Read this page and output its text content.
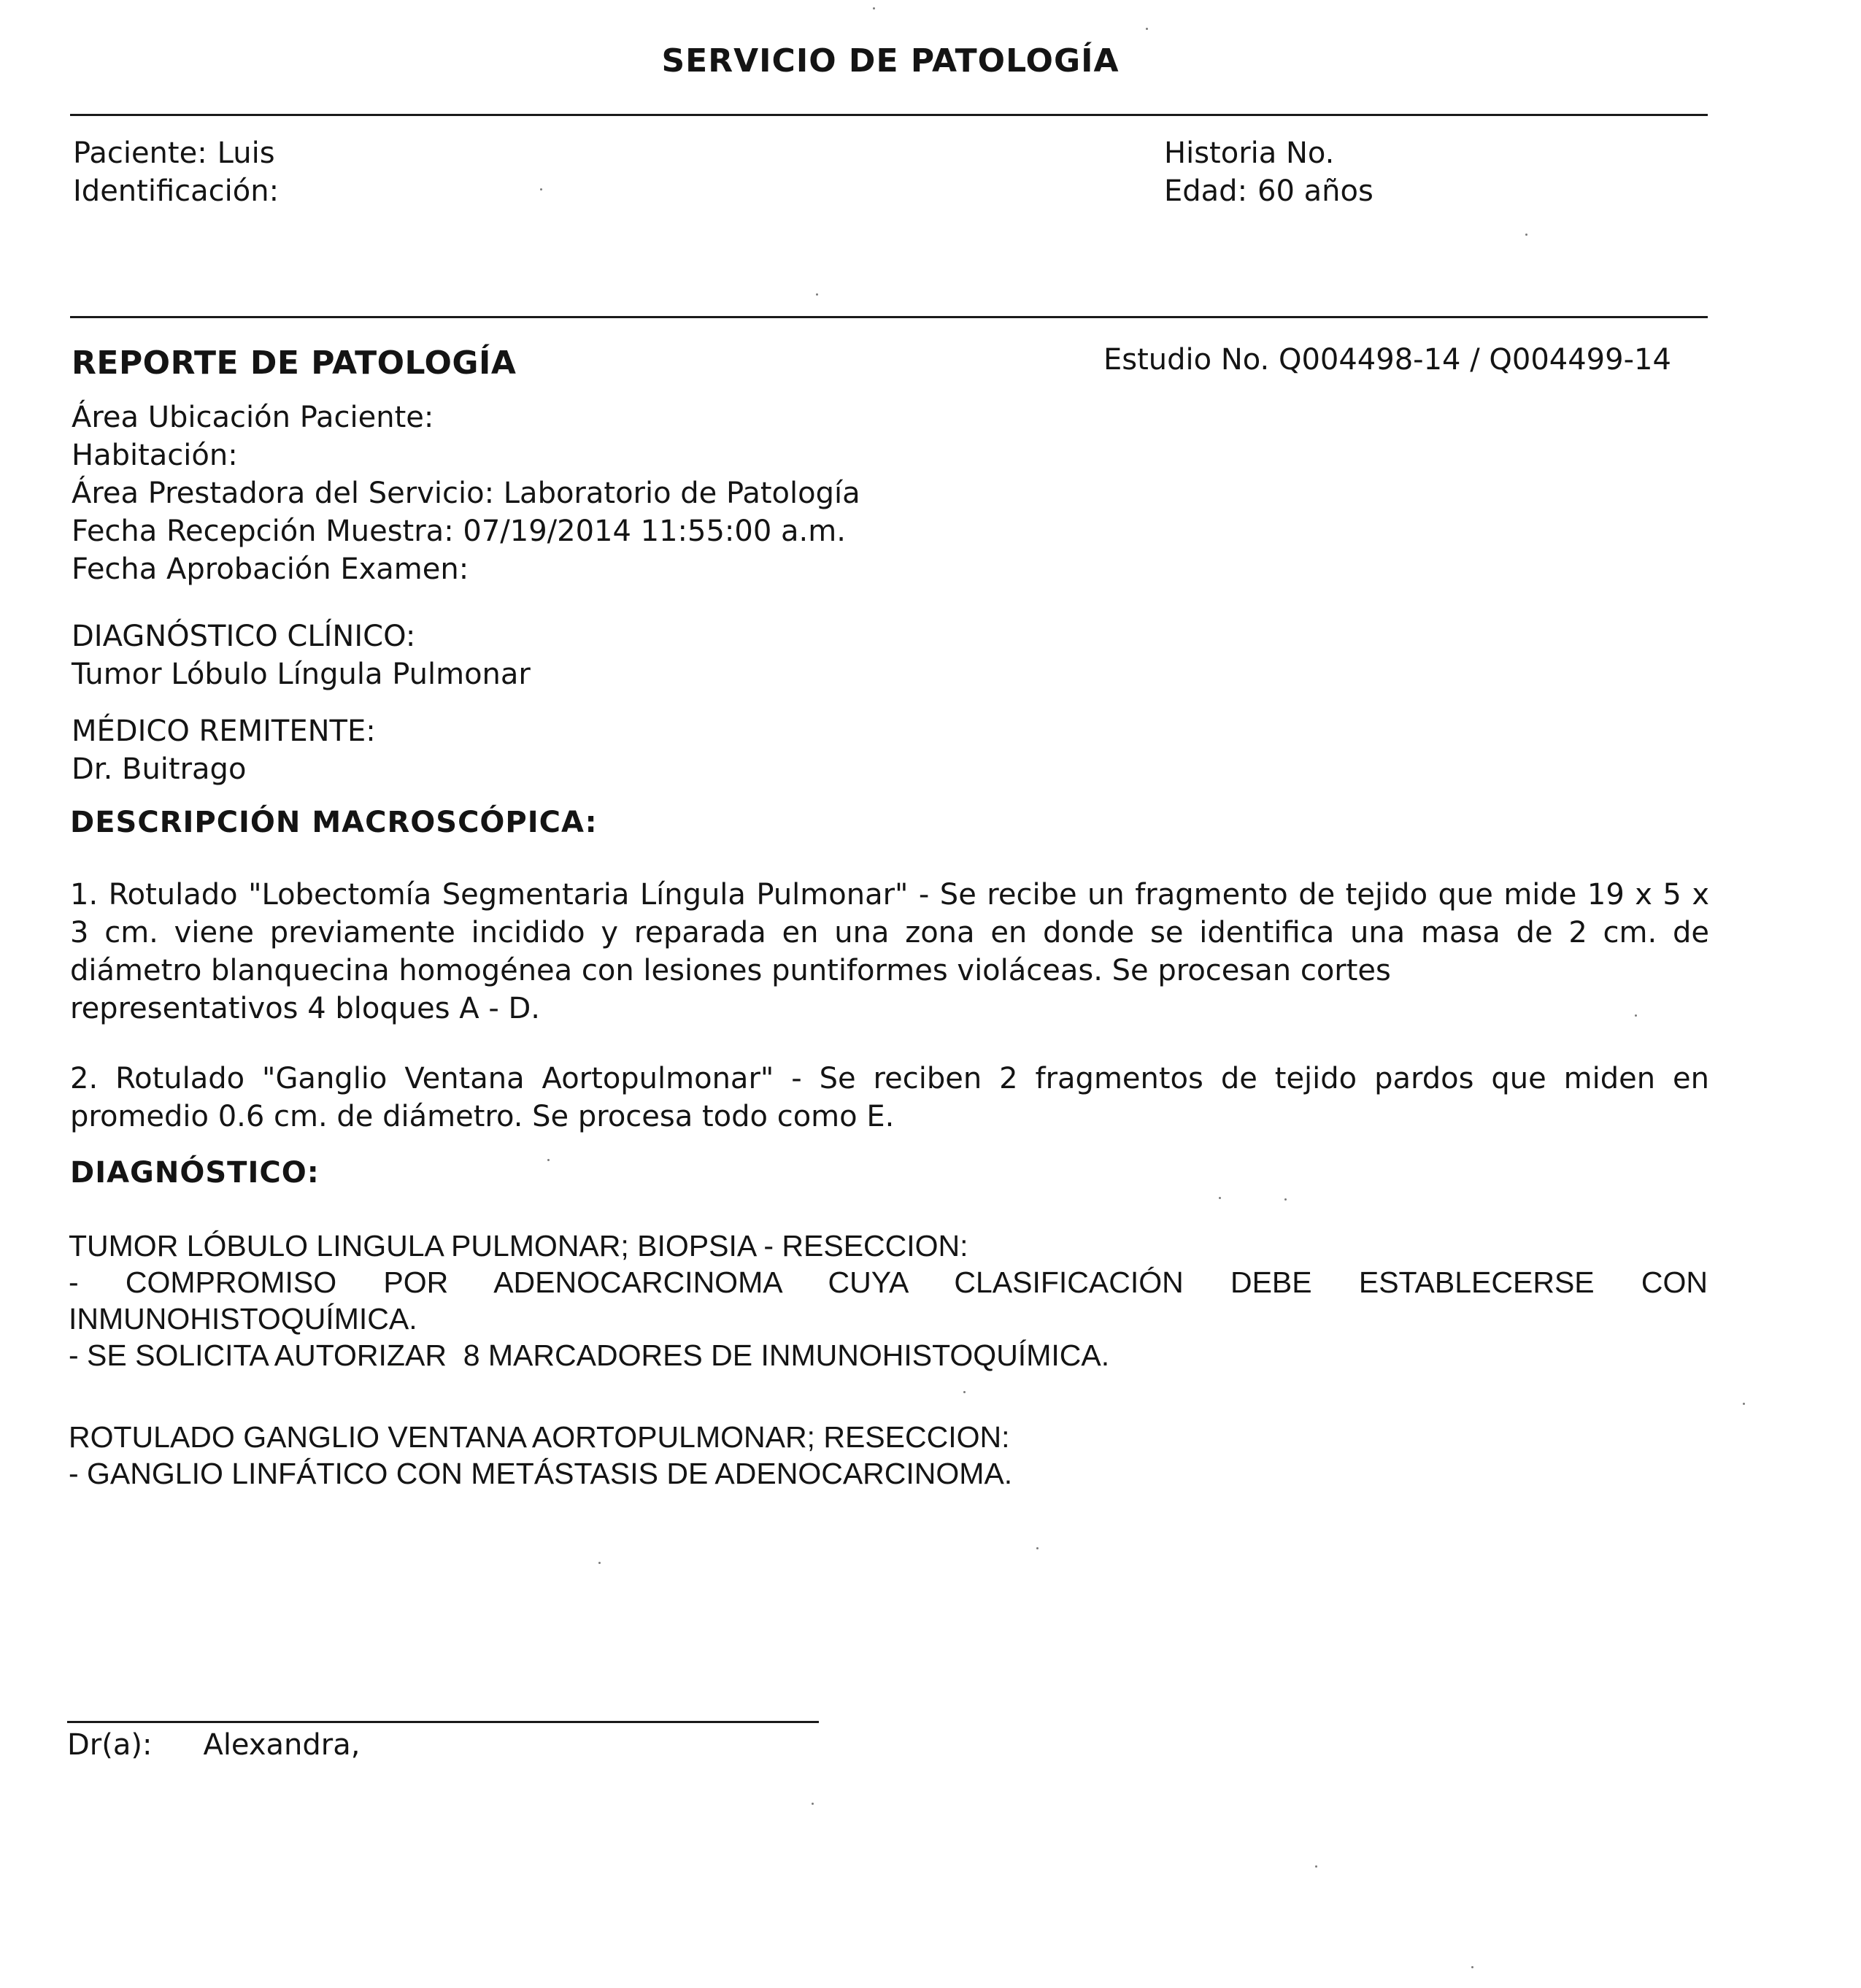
SERVICIO DE PATOLOGÍA
Paciente: Luis
Identificación:
Historia No.
Edad: 60 años
REPORTE DE PATOLOGÍA	Estudio No. Q004498-14 / Q004499-14
Área Ubicación Paciente:
Habitación:
Área Prestadora del Servicio: Laboratorio de Patología
Fecha Recepción Muestra: 07/19/2014 11:55:00 a.m.
Fecha Aprobación Examen:
DIAGNÓSTICO CLÍNICO:
Tumor Lóbulo Língula Pulmonar
MÉDICO REMITENTE:
Dr. Buitrago
DESCRIPCIÓN MACROSCÓPICA:

1. Rotulado "Lobectomía Segmentaria Língula Pulmonar" - Se recibe un fragmento de tejido que mide 19 x 5 x 3 cm. viene previamente incidido y reparada en una zona en donde se identifica una masa de 2 cm. de diámetro blanquecina homogénea con lesiones puntiformes violáceas. Se procesan cortes

representativos 4 bloques A - D.

2. Rotulado "Ganglio Ventana Aortopulmonar" - Se reciben 2 fragmentos de tejido pardos que miden en

promedio 0.6 cm. de diámetro. Se procesa todo como E.

DIAGNÓSTICO:

TUMOR LÓBULO LINGULA PULMONAR; BIOPSIA - RESECCION:

- COMPROMISO POR ADENOCARCINOMA CUYA CLASIFICACIÓN DEBE ESTABLECERSE CON

INMUNOHISTOQUÍMICA.

- SE SOLICITA AUTORIZAR  8 MARCADORES DE INMUNOHISTOQUÍMICA.

ROTULADO GANGLIO VENTANA AORTOPULMONAR; RESECCION:

- GANGLIO LINFÁTICO CON METÁSTASIS DE ADENOCARCINOMA.

Dr(a): Alexandra,
